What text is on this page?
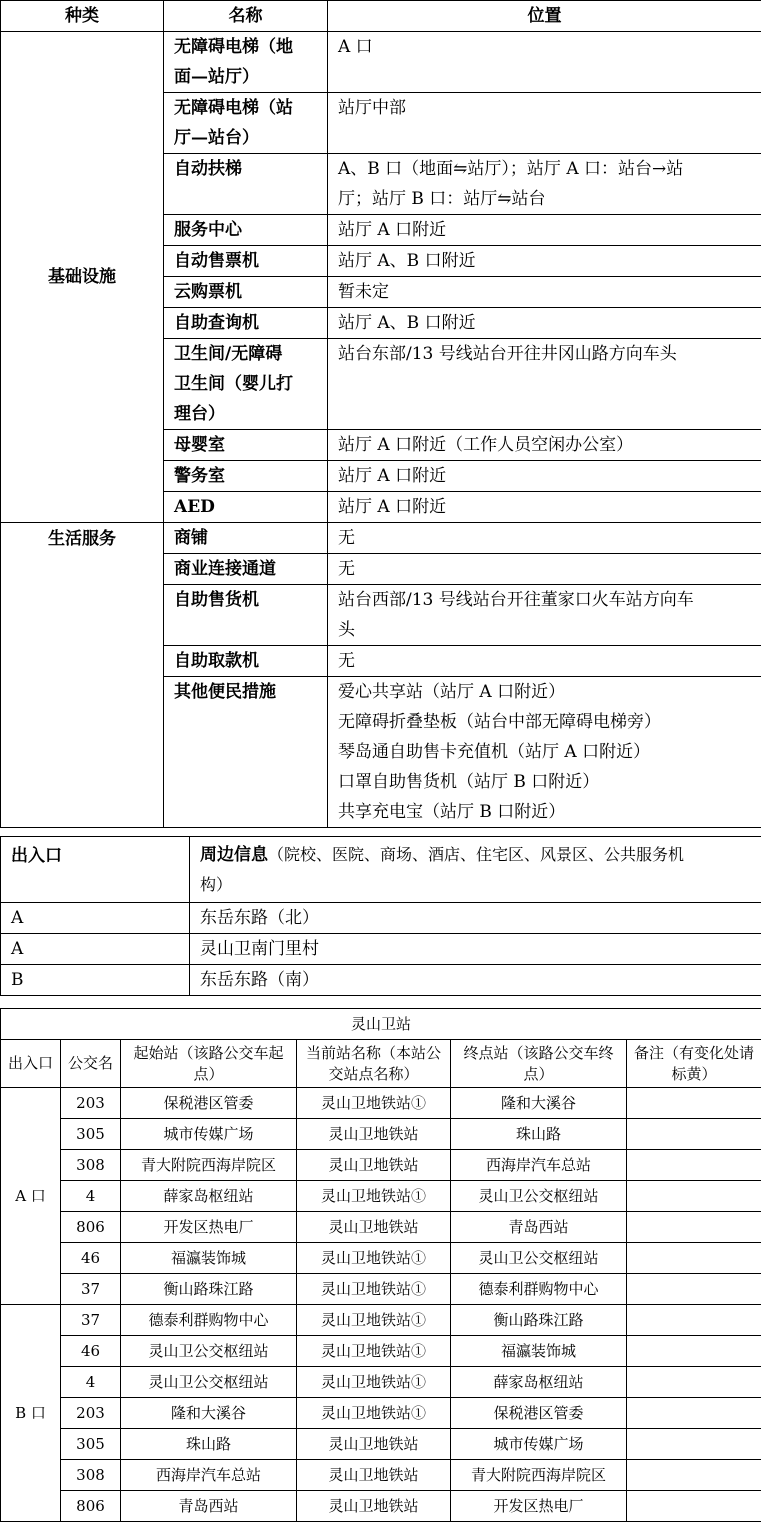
种类	名称	位置
基础设施	无障碍电梯（地
面—站厅）	A 口

	无障碍电梯（站
厅—站台）	站厅中部

	自动扶梯	A、B 口（地面⇋站厅）；站厅 A 口：站台→站
厅；站厅 B 口：站厅⇋站台

	服务中心	站厅 A 口附近

	自动售票机	站厅 A、B 口附近

	云购票机	暂未定

	自助查询机	站厅 A、B 口附近

	卫生间/无障碍
卫生间（婴儿打
理台）	站台东部/13 号线站台开往井冈山路方向车头

	母婴室	站厅 A 口附近（工作人员空闲办公室）

	警务室	站厅 A 口附近

	AED	站厅 A 口附近

生活服务	商铺	无

	商业连接通道	无

	自助售货机	站台西部/13 号线站台开往董家口火车站方向车
头

	自助取款机	无

	其他便民措施	爱心共享站（站厅 A 口附近）
无障碍折叠垫板（站台中部无障碍电梯旁）
琴岛通自助售卡充值机（站厅 A 口附近）
口罩自助售货机（站厅 B 口附近）
共享充电宝（站厅 B 口附近）
出入口	周边信息（院校、医院、商场、酒店、住宅区、风景区、公共服务机
构）
A	东岳东路（北）
A	灵山卫南门里村
B	东岳东路（南）
灵山卫站					
出入口	公交名	起始站（该路公交车起
点）	当前站名称（本站公
交站点名称）	终点站（该路公交车终
点）	备注（有变化处请
标黄）

A 口	203	保税港区管委	灵山卫地铁站①	隆和大溪谷	
	305	城市传媒广场	灵山卫地铁站	珠山路	
	308	青大附院西海岸院区	灵山卫地铁站	西海岸汽车总站	
	4	薛家岛枢纽站	灵山卫地铁站①	灵山卫公交枢纽站	
	806	开发区热电厂	灵山卫地铁站	青岛西站	
	46	福瀛装饰城	灵山卫地铁站①	灵山卫公交枢纽站	
	37	衡山路珠江路	灵山卫地铁站①	德泰利群购物中心	
B 口	37	德泰利群购物中心	灵山卫地铁站①	衡山路珠江路	
	46	灵山卫公交枢纽站	灵山卫地铁站①	福瀛装饰城	
	4	灵山卫公交枢纽站	灵山卫地铁站①	薛家岛枢纽站	
	203	隆和大溪谷	灵山卫地铁站①	保税港区管委	
	305	珠山路	灵山卫地铁站	城市传媒广场	
	308	西海岸汽车总站	灵山卫地铁站	青大附院西海岸院区	
	806	青岛西站	灵山卫地铁站	开发区热电厂	
